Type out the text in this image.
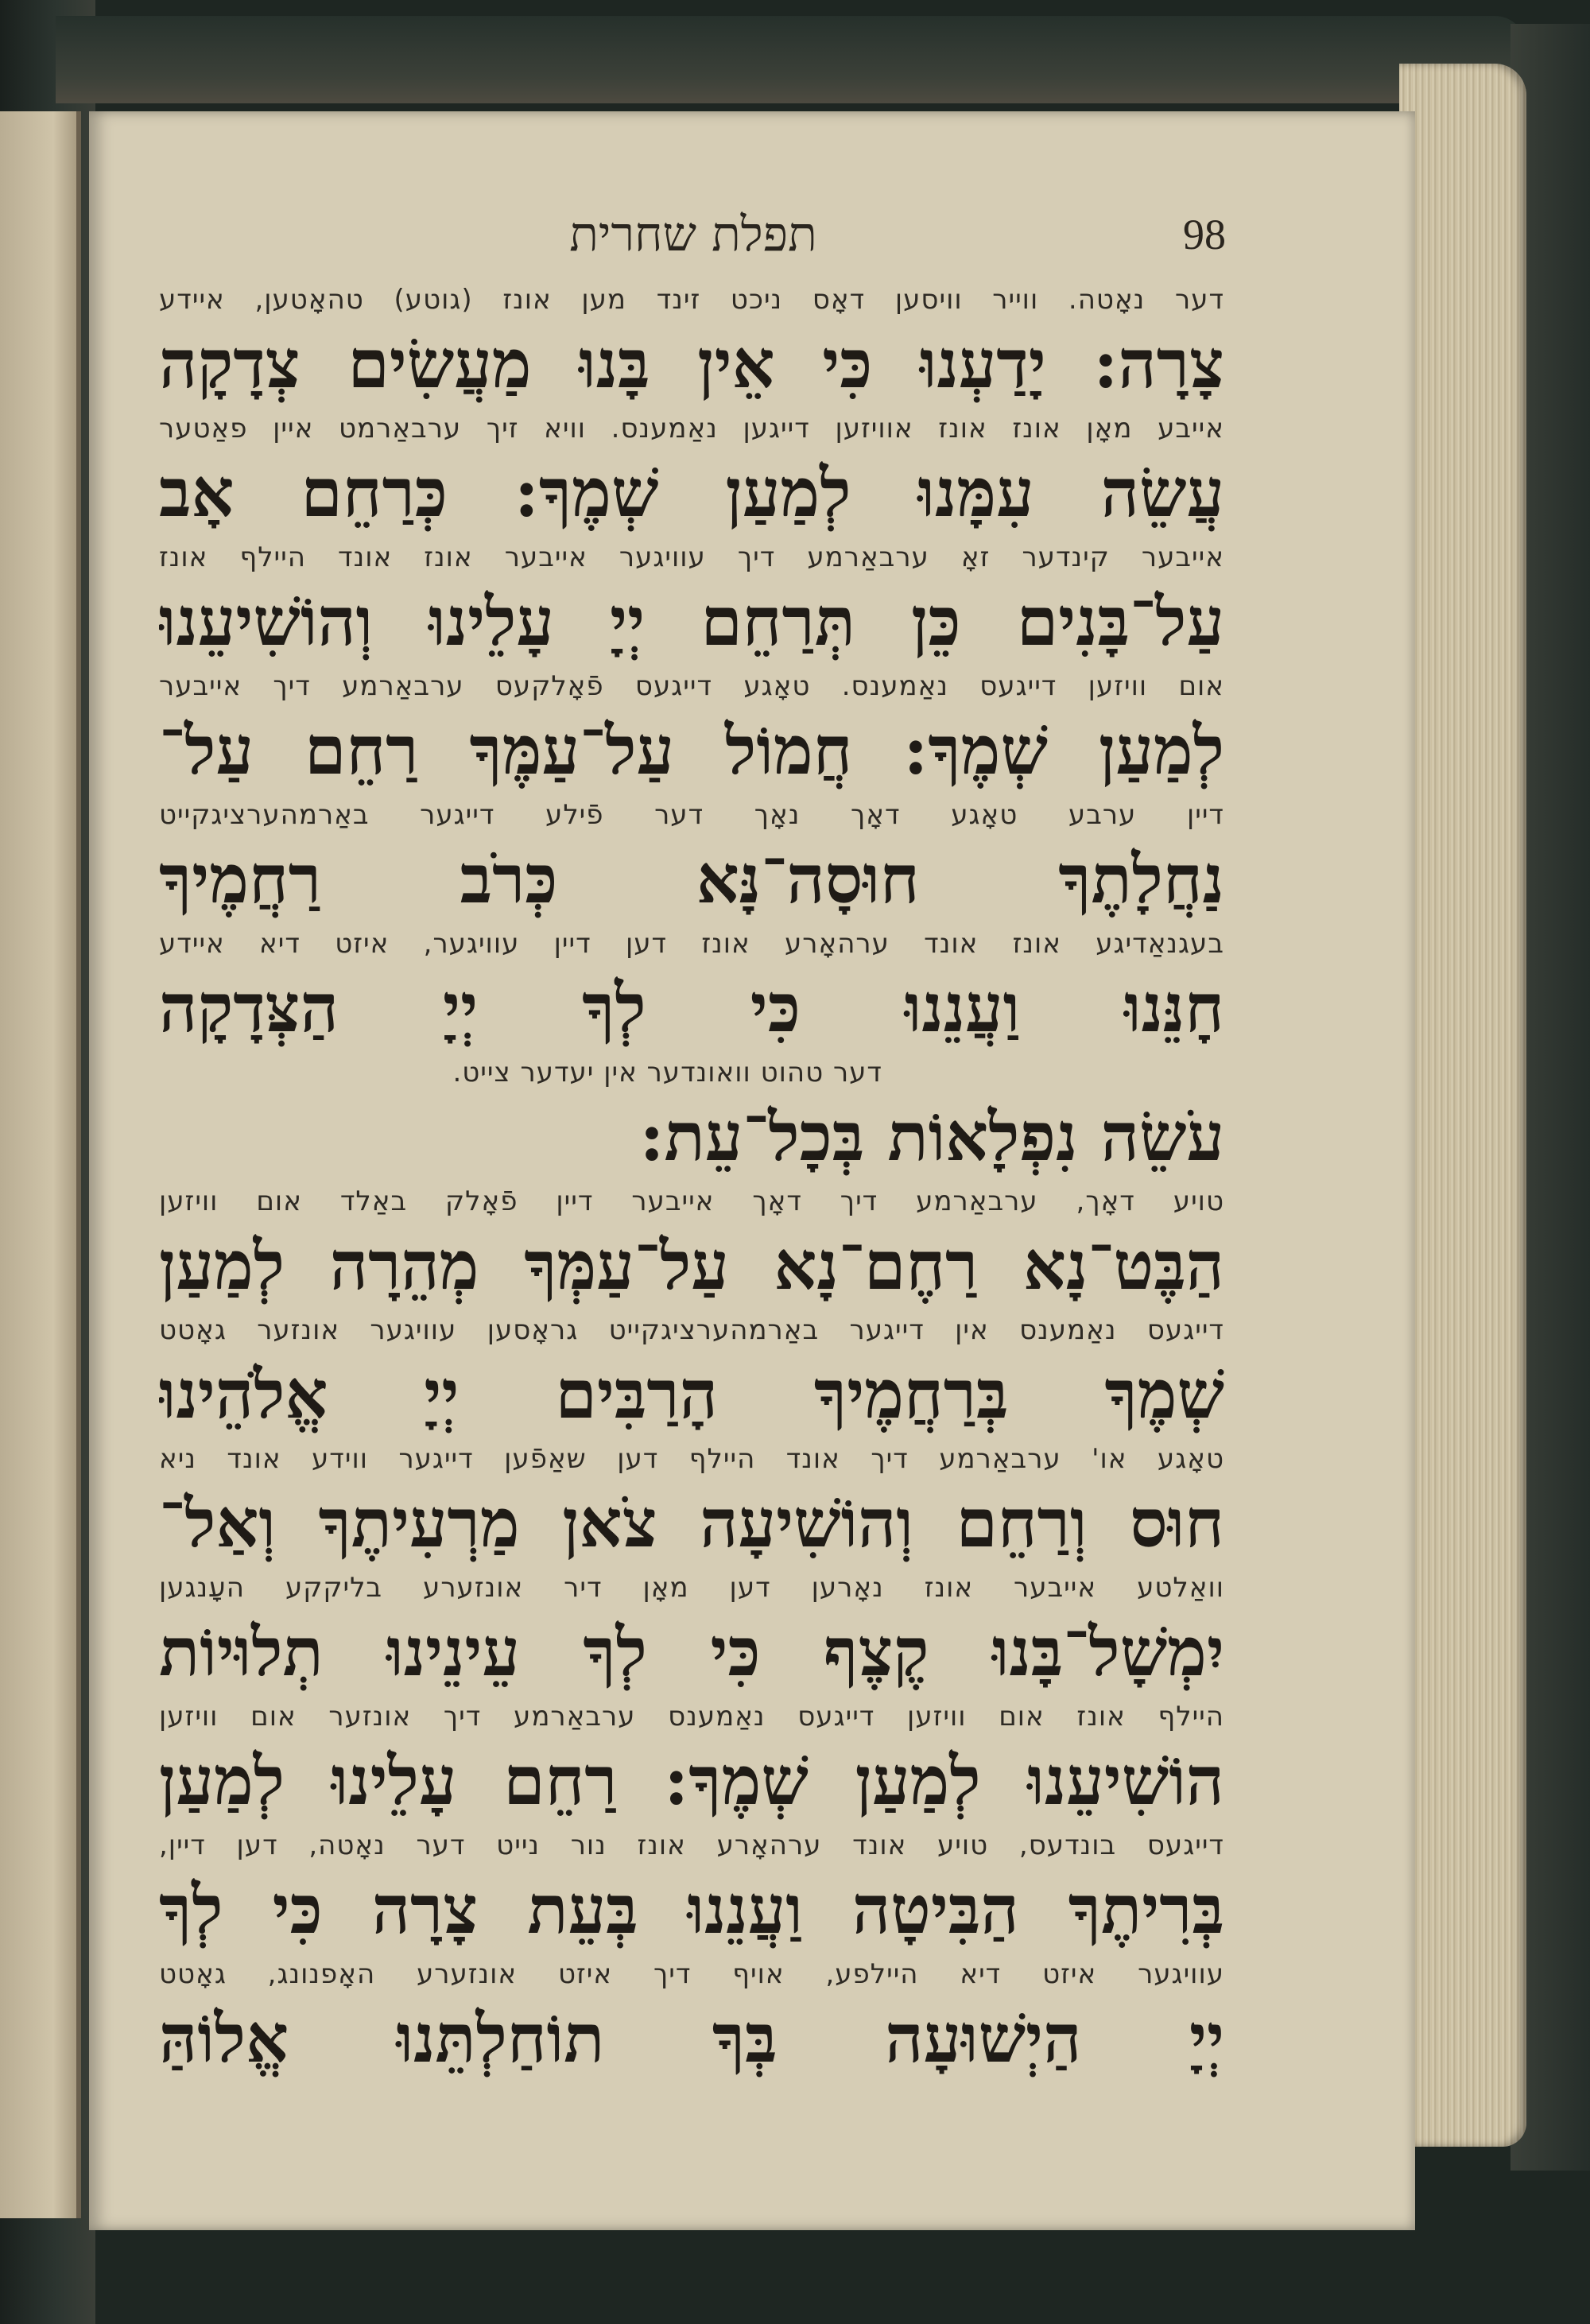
תפלת שחרית	98
דער נאָטה. ווייר וויסען דאָס ניכט זינד מען אונז (גוטע) טהאָטען, איידע
צָרָה: יָדַעְנוּ כִּי אֵין בָּנוּ מַעֲשִׂים צְדָקָה
אייבע מאָן אונז אונז אוויזען דייגען נאַמענס. וויא זיך ערבאַרמט איין פאַטער
עֲשֵׂה עִמָּנוּ לְמַעַן שְׁמֶךָ: כְּרַחֵם אָב
אייבער קינדער זאָ ערבאַרמע דיך עוויגער אייבער אונז אונד היילף אונז
עַל־בָּנִים כֵּן תְּרַחֵם יְיָ עָלֵינוּ וְהוֹשִׁיעֵנוּ
אום וויזען דייגעס נאַמענס. טאָגע דייגעס פֿאָלקעס ערבאַרמע דיך אייבער
לְמַעַן שְׁמֶךָ: חֲמוֹל עַל־עַמֶּךָ רַחֵם עַל־
דיין ערבע טאָגע דאָך נאָך דער פֿילע דייגער באַרמהערציגקייט
נַחֲלָתֶךָ חוּסָה־נָּא כְּרֹב רַחֲמֶיךָ
בעגנאַדיגע אונז אונד ערהאָרע אונז דען דיין עוויגער, איזט דיא איידע
חָנֵּנוּ וַעֲנֵנוּ כִּי לְךָ יְיָ הַצְּדָקָה
דער טהוט וואונדער אין יעדער צייט.
עֹשֵׂה נִפְלָאוֹת בְּכָל־עֵת:
טויע דאָך, ערבאַרמע דיך דאָך אייבער דיין פֿאָלק באַלד אום וויזען
הַבֶּט־נָא רַחֶם־נָא עַל־עַמְּךָ מְהֵרָה לְמַעַן
דייגעס נאַמענס אין דייגער באַרמהערציגקייט גראָסען עוויגער אונזער גאָטט
שְׁמֶךָ בְּרַחֲמֶיךָ הָרַבִּים יְיָ אֱלֹהֵינוּ
טאָגע או' ערבאַרמע דיך אונד היילף דען שאַפֿען דייגער ווידע אונד ניא
חוּס וְרַחֵם וְהוֹשִׁיעָה צֹאן מַרְעִיתֶךָ וְאַל־
וואַלטע אייבער אונז נאָרען דען מאָן דיר אונזערע בליקקע העָנגען
יִמְשָׁל־בָּנוּ קֶצֶף כִּי לְךָ עֵינֵינוּ תְלוּיוֹת
היילף אונז אום וויזען דייגעס נאַמענס ערבאַרמע דיך אונזער אום וויזען
הוֹשִׁיעֵנוּ לְמַעַן שְׁמֶךָ: רַחֵם עָלֵינוּ לְמַעַן
דייגעס בונדעס, טויע אונד ערהאָרע אונז נור נייט דער נאָטה, דען דיין,
בְּרִיתֶךָ הַבִּיטָה וַעֲנֵנוּ בְּעֵת צָרָה כִּי לְךָ
עוויגער איזט דיא היילפע, אויף דיך איזט אונזערע האָפנונג, גאָטט
יְיָ הַיְשׁוּעָה בְּךָ תוֹחַלְתֵּנוּ אֱלוֹהַּ
